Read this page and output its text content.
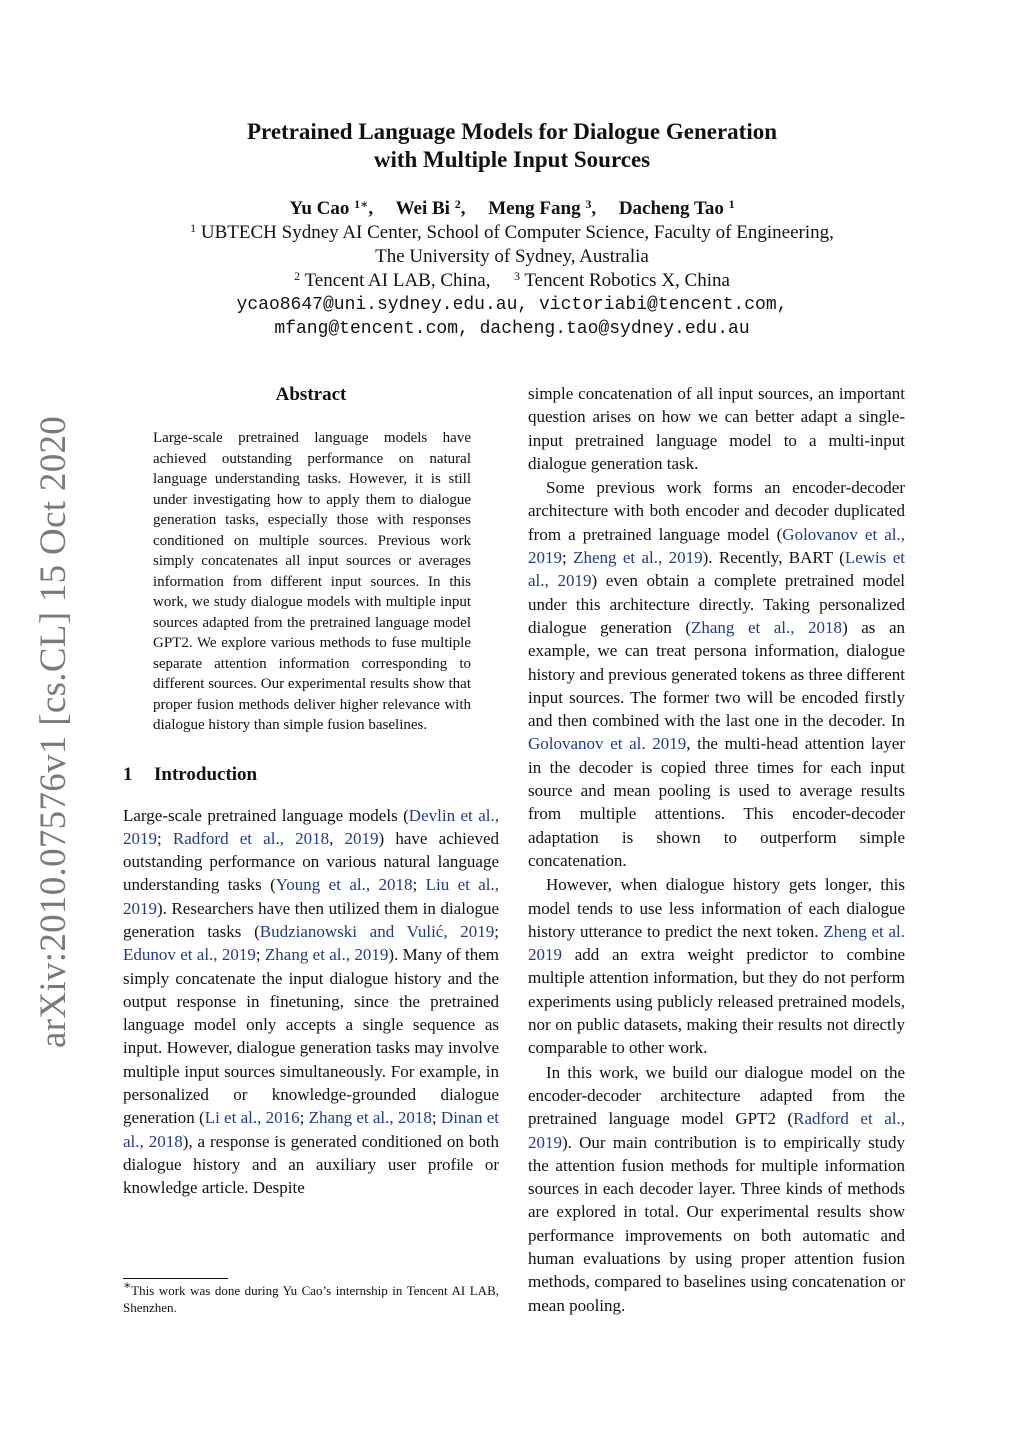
arXiv:2010.07576v1 [cs.CL] 15 Oct 2020
Pretrained Language Models for Dialogue Generation
with Multiple Input Sources
Yu Cao $^{1∗}$, Wei Bi $^2$, Meng Fang $^3$, Dacheng Tao $^1$
$^1$ UBTECH Sydney AI Center, School of Computer Science, Faculty of Engineering,
The University of Sydney, Australia
$^2$ Tencent AI LAB, China, $^3$ Tencent Robotics X, China
ycao8647@uni.sydney.edu.au, victoriabi@tencent.com,
mfang@tencent.com, dacheng.tao@sydney.edu.au
Abstract

Large-scale pretrained language models have achieved outstanding performance on natural language understanding tasks. However, it is still under investigating how to apply them to dialogue generation tasks, especially those with responses conditioned on multiple sources. Previous work simply concatenates all input sources or averages information from different input sources. In this work, we study dialogue models with multiple input sources adapted from the pretrained language model GPT2. We explore various methods to fuse multiple separate attention information corresponding to different sources. Our experimental results show that proper fusion methods deliver higher relevance with dialogue history than simple fusion baselines.

1 Introduction

Large-scale pretrained language models (Devlin et al., 2019; Radford et al., 2018, 2019) have achieved outstanding performance on various natural language understanding tasks (Young et al., 2018; Liu et al., 2019). Researchers have then utilized them in dialogue generation tasks (Budzianowski and Vulić, 2019; Edunov et al., 2019; Zhang et al., 2019). Many of them simply concatenate the input dialogue history and the output response in finetuning, since the pretrained language model only accepts a single sequence as input. However, dialogue generation tasks may involve multiple input sources simultaneously. For example, in personalized or knowledge-grounded dialogue generation (Li et al., 2016; Zhang et al., 2018; Dinan et al., 2018), a response is generated conditioned on both dialogue history and an auxiliary user profile or knowledge article. Despite

simple concatenation of all input sources, an important question arises on how we can better adapt a single-input pretrained language model to a multi-input dialogue generation task.

Some previous work forms an encoder-decoder architecture with both encoder and decoder duplicated from a pretrained language model (Golovanov et al., 2019; Zheng et al., 2019). Recently, BART (Lewis et al., 2019) even obtain a complete pretrained model under this architecture directly. Taking personalized dialogue generation (Zhang et al., 2018) as an example, we can treat persona information, dialogue history and previous generated tokens as three different input sources. The former two will be encoded firstly and then combined with the last one in the decoder. In Golovanov et al. 2019, the multi-head attention layer in the decoder is copied three times for each input source and mean pooling is used to average results from multiple attentions. This encoder-decoder adaptation is shown to outperform simple concatenation.

However, when dialogue history gets longer, this model tends to use less information of each dialogue history utterance to predict the next token. Zheng et al. 2019 add an extra weight predictor to combine multiple attention information, but they do not perform experiments using publicly released pretrained models, nor on public datasets, making their results not directly comparable to other work.

In this work, we build our dialogue model on the encoder-decoder architecture adapted from the pretrained language model GPT2 (Radford et al., 2019). Our main contribution is to empirically study the attention fusion methods for multiple information sources in each decoder layer. Three kinds of methods are explored in total. Our experimental results show performance improvements on both automatic and human evaluations by using proper attention fusion methods, compared to baselines using concatenation or mean pooling.

∗This work was done during Yu Cao’s internship in Tencent AI LAB, Shenzhen.
